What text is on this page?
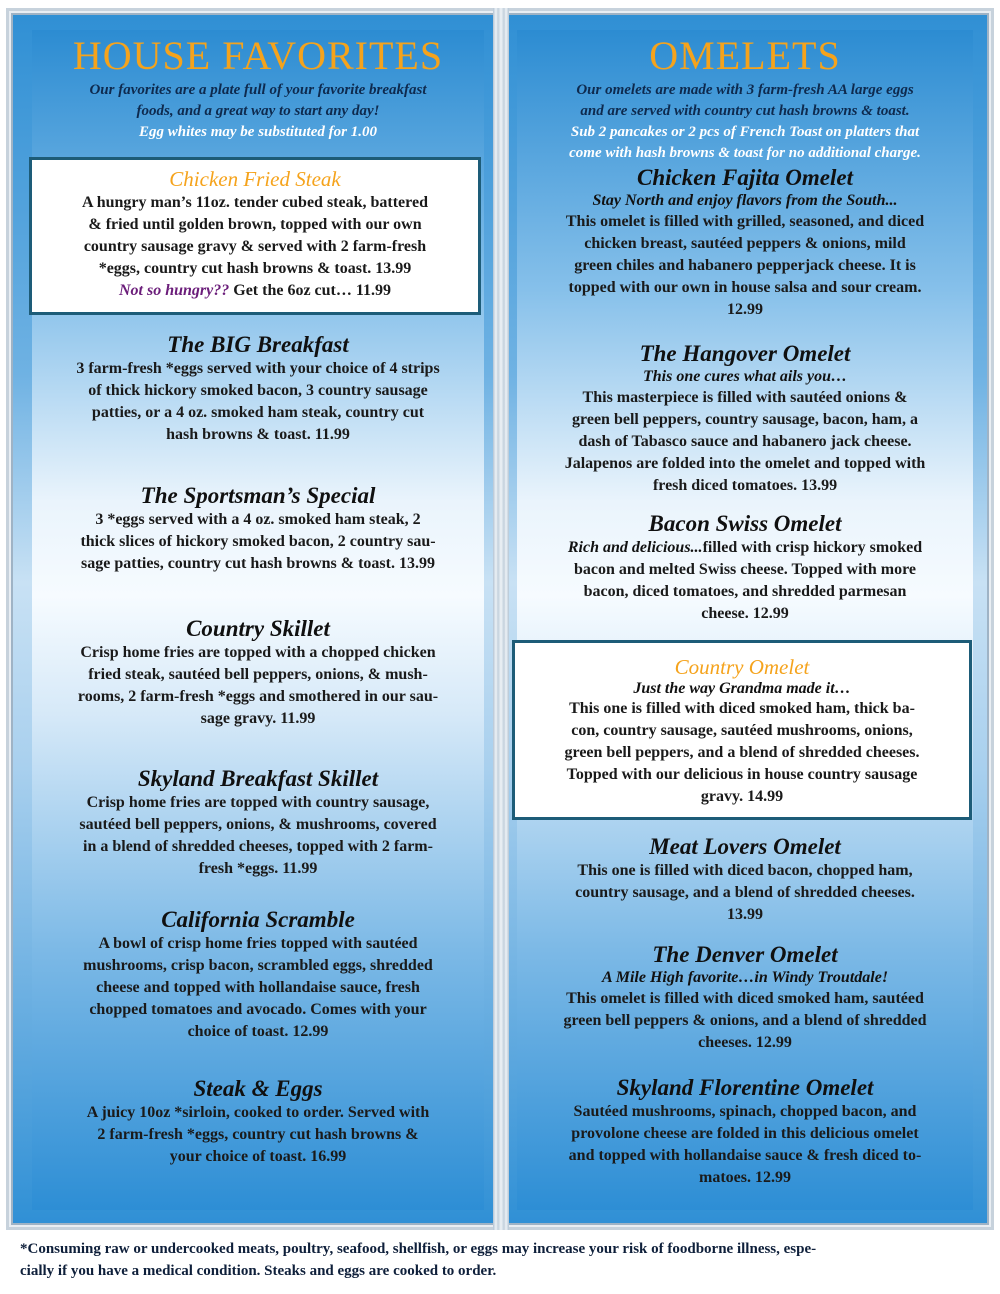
HOUSE FAVORITES
Our favorites are a plate full of your favorite breakfast
foods, and a great way to start any day!
Egg whites may be substituted for 1.00
Chicken Fried Steak

A hungry man’s 11oz. tender cubed steak, battered

& fried until golden brown, topped with our own

country sausage gravy & served with 2 farm-fresh

*eggs, country cut hash browns & toast. 13.99

Not so hungry?? Get the 6oz cut… 11.99

The BIG Breakfast

3 farm-fresh *eggs served with your choice of 4 strips

of thick hickory smoked bacon, 3 country sausage

patties, or a 4 oz. smoked ham steak, country cut

hash browns & toast. 11.99

The Sportsman’s Special

3 *eggs served with a 4 oz. smoked ham steak, 2

thick slices of hickory smoked bacon, 2 country sau-

sage patties, country cut hash browns & toast. 13.99

Country Skillet

Crisp home fries are topped with a chopped chicken

fried steak, sautéed bell peppers, onions, & mush-

rooms, 2 farm-fresh *eggs and smothered in our sau-

sage gravy. 11.99

Skyland Breakfast Skillet

Crisp home fries are topped with country sausage,

sautéed bell peppers, onions, & mushrooms, covered

in a blend of shredded cheeses, topped with 2 farm-

fresh *eggs. 11.99

California Scramble

A bowl of crisp home fries topped with sautéed

mushrooms, crisp bacon, scrambled eggs, shredded

cheese and topped with hollandaise sauce, fresh

chopped tomatoes and avocado. Comes with your

choice of toast. 12.99

Steak & Eggs

A juicy 10oz *sirloin, cooked to order. Served with

2 farm-fresh *eggs, country cut hash browns &

your choice of toast. 16.99

OMELETS
Our omelets are made with 3 farm-fresh AA large eggs
and are served with country cut hash browns & toast.
Sub 2 pancakes or 2 pcs of French Toast on platters that
come with hash browns & toast for no additional charge.
Chicken Fajita Omelet
Stay North and enjoy flavors from the South...

This omelet is filled with grilled, seasoned, and diced

chicken breast, sautéed peppers & onions, mild

green chiles and habanero pepperjack cheese. It is

topped with our own in house salsa and sour cream.

12.99

The Hangover Omelet
This one cures what ails you…

This masterpiece is filled with sautéed onions &

green bell peppers, country sausage, bacon, ham, a

dash of Tabasco sauce and habanero jack cheese.

Jalapenos are folded into the omelet and topped with

fresh diced tomatoes. 13.99

Bacon Swiss Omelet

Rich and delicious...filled with crisp hickory smoked

bacon and melted Swiss cheese. Topped with more

bacon, diced tomatoes, and shredded parmesan

cheese. 12.99

Country Omelet
Just the way Grandma made it…

This one is filled with diced smoked ham, thick ba-

con, country sausage, sautéed mushrooms, onions,

green bell peppers, and a blend of shredded cheeses.

Topped with our delicious in house country sausage

gravy. 14.99

Meat Lovers Omelet

This one is filled with diced bacon, chopped ham,

country sausage, and a blend of shredded cheeses.

13.99

The Denver Omelet
A Mile High favorite…in Windy Troutdale!

This omelet is filled with diced smoked ham, sautéed

green bell peppers & onions, and a blend of shredded

cheeses. 12.99

Skyland Florentine Omelet

Sautéed mushrooms, spinach, chopped bacon, and

provolone cheese are folded in this delicious omelet

and topped with hollandaise sauce & fresh diced to-

matoes. 12.99

*Consuming raw or undercooked meats, poultry, seafood, shellfish, or eggs may increase your risk of foodborne illness, espe-
cially if you have a medical condition. Steaks and eggs are cooked to order.
